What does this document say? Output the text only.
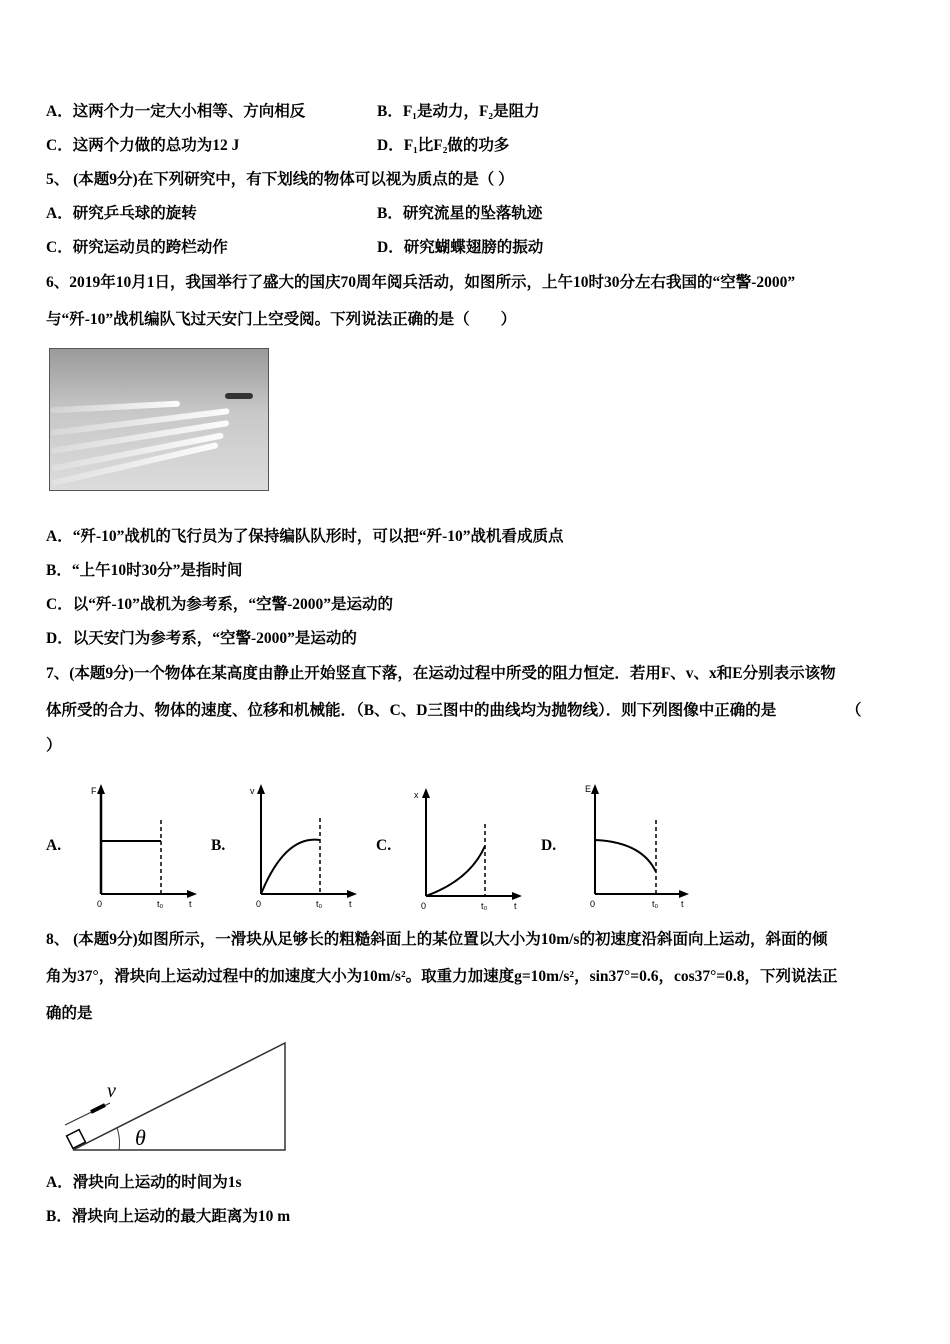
A．这两个力一定大小相等、方向相反	B．F₁是动力，F₂是阻力
C．这两个力做的总功为12 J	D．F₁比F₂做的功多
5、 (本题9分)在下列研究中，有下划线的物体可以视为质点的是（ ）
A．研究乒乓球的旋转	B．研究流星的坠落轨迹
C．研究运动员的跨栏动作	D．研究蝴蝶翅膀的振动
6、2019年10月1日，我国举行了盛大的国庆70周年阅兵活动，如图所示，上午10时30分左右我国的“空警-2000”
与“歼-10”战机编队飞过天安门上空受阅。下列说法正确的是（　　）
A．“歼-10”战机的飞行员为了保持编队队形时，可以把“歼-10”战机看成质点
B．“上午10时30分”是指时间
C．以“歼-10”战机为参考系，“空警-2000”是运动的
D．以天安门为参考系，“空警-2000”是运动的
7、(本题9分)一个物体在某高度由静止开始竖直下落，在运动过程中所受的阻力恒定．若用F、v、x和E分别表示该物
体所受的合力、物体的速度、位移和机械能．（B、C、D三图中的曲线均为抛物线）．则下列图像中正确的是　　　　　（
）
A.	B.	C.	D.
F
0	t₀	t
v
0	t₀	t
x
0	t₀	t
E
0	t₀	t
8、 (本题9分)如图所示，一滑块从足够长的粗糙斜面上的某位置以大小为10m/s的初速度沿斜面向上运动，斜面的倾
角为37°，滑块向上运动过程中的加速度大小为10m/s²。取重力加速度g=10m/s²，sin37°=0.6，cos37°=0.8，下列说法正
确的是
v
θ
A．滑块向上运动的时间为1s
B．滑块向上运动的最大距离为10 m
